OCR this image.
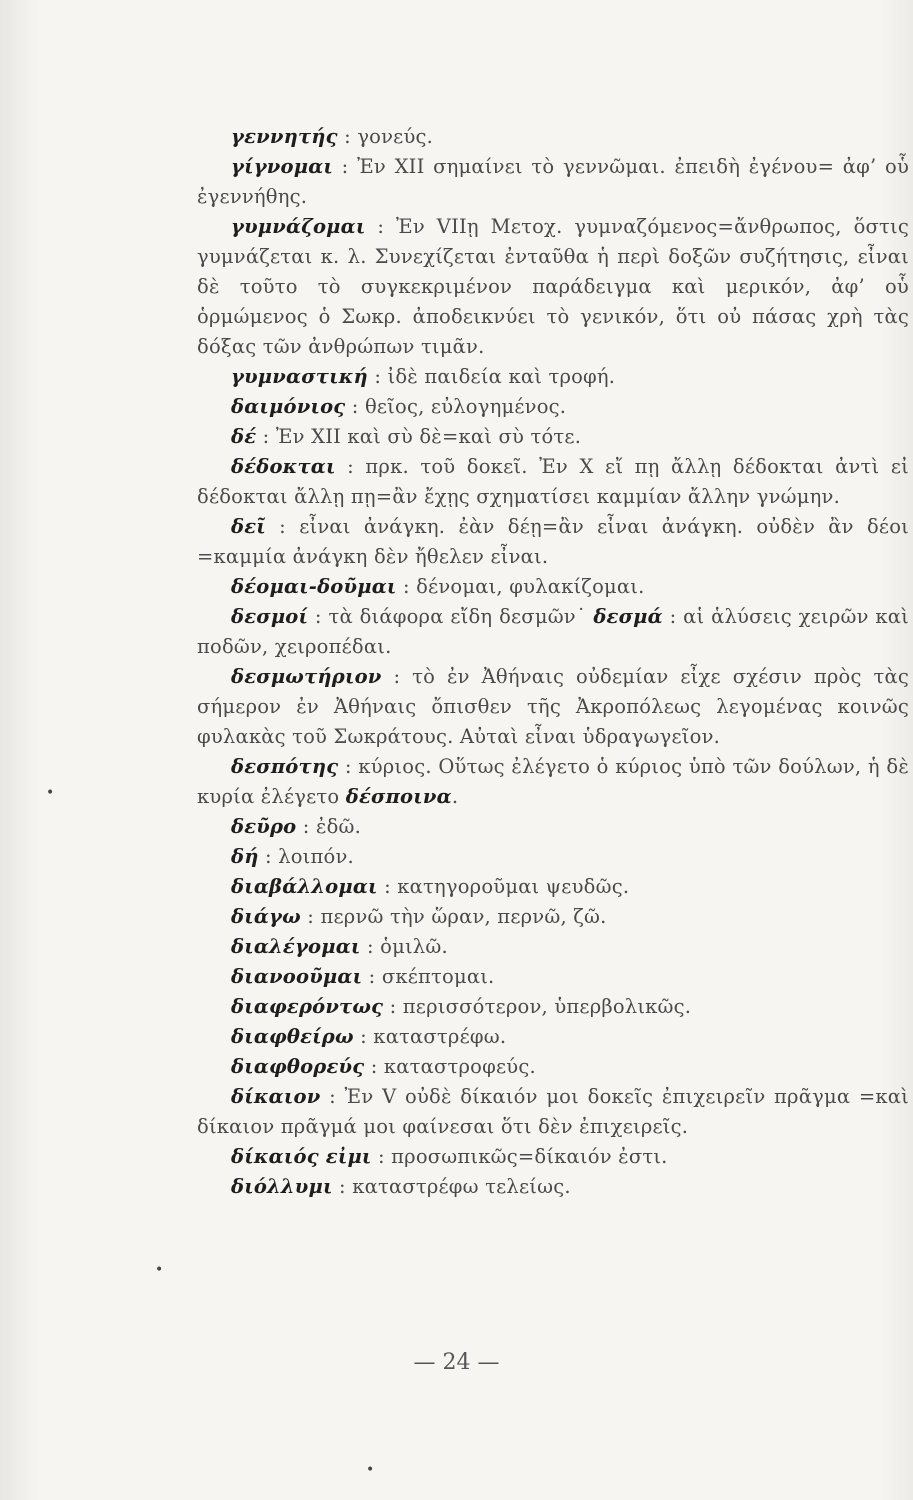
γεννητής : γονεύς.

γίγνομαι : Ἐν XII σημαίνει τὸ γεννῶμαι. ἐπειδὴ ἐγένου= ἀφ’ οὗ ἐγεννήθης.

γυμνάζομαι : Ἐν VIIῃ Μετοχ. γυμναζόμενος=ἄνθρωπος, ὅστις γυμνάζεται κ. λ. Συνεχίζεται ἐνταῦθα ἡ περὶ δοξῶν συζήτησις, εἶναι δὲ τοῦτο τὸ συγκεκριμένον παράδειγμα καὶ μερικόν, ἀφ’ οὗ ὁρμώμενος ὁ Σωκρ. ἀποδεικνύει τὸ γενικόν, ὅτι οὐ πάσας χρὴ τὰς δόξας τῶν ἀνθρώπων τιμᾶν.

γυμναστική : ἰδὲ παιδεία καὶ τροφή.

δαιμόνιος : θεῖος, εὐλογημένος.

δέ : Ἐν XII καὶ σὺ δὲ=καὶ σὺ τότε.

δέδοκται : πρκ. τοῦ δοκεῖ. Ἐν X εἴ πῃ ἄλλῃ δέδοκται ἀντὶ εἰ δέδοκται ἄλλῃ πῃ=ἂν ἔχῃς σχηματίσει καμμίαν ἄλλην γνώμην.

δεῖ : εἶναι ἀνάγκη. ἐὰν δέῃ=ἂν εἶναι ἀνάγκη. οὐδὲν ἂν δέοι =καμμία ἀνάγκη δὲν ἤθελεν εἶναι.

δέομαι-δοῦμαι : δένομαι, φυλακίζομαι.

δεσμοί : τὰ διάφορα εἴδη δεσμῶν˙ δεσμά : αἱ ἁλύσεις χειρῶν καὶ ποδῶν, χειροπέδαι.

δεσμωτήριον : τὸ ἐν Ἀθήναις οὐδεμίαν εἶχε σχέσιν πρὸς τὰς σήμερον ἐν Ἀθήναις ὄπισθεν τῆς Ἀκροπόλεως λεγομένας κοινῶς φυλακὰς τοῦ Σωκράτους. Αὐταὶ εἶναι ὑδραγωγεῖον.

δεσπότης : κύριος. Οὕτως ἐλέγετο ὁ κύριος ὑπὸ τῶν δούλων, ἡ δὲ κυρία ἐλέγετο δέσποινα.

δεῦρο : ἐδῶ.

δή : λοιπόν.

διαβάλλομαι : κατηγοροῦμαι ψευδῶς.

διάγω : περνῶ τὴν ὥραν, περνῶ, ζῶ.

διαλέγομαι : ὁμιλῶ.

διανοοῦμαι : σκέπτομαι.

διαφερόντως : περισσότερον, ὑπερβολικῶς.

διαφθείρω : καταστρέφω.

διαφθορεύς : καταστροφεύς.

δίκαιον : Ἐν V οὐδὲ δίκαιόν μοι δοκεῖς ἐπιχειρεῖν πρᾶγμα =καὶ δίκαιον πρᾶγμά μοι φαίνεσαι ὅτι δὲν ἐπιχειρεῖς.

δίκαιός εἰμι : προσωπικῶς=δίκαιόν ἐστι.

διόλλυμι : καταστρέφω τελείως.

— 24 —
•
•
•
